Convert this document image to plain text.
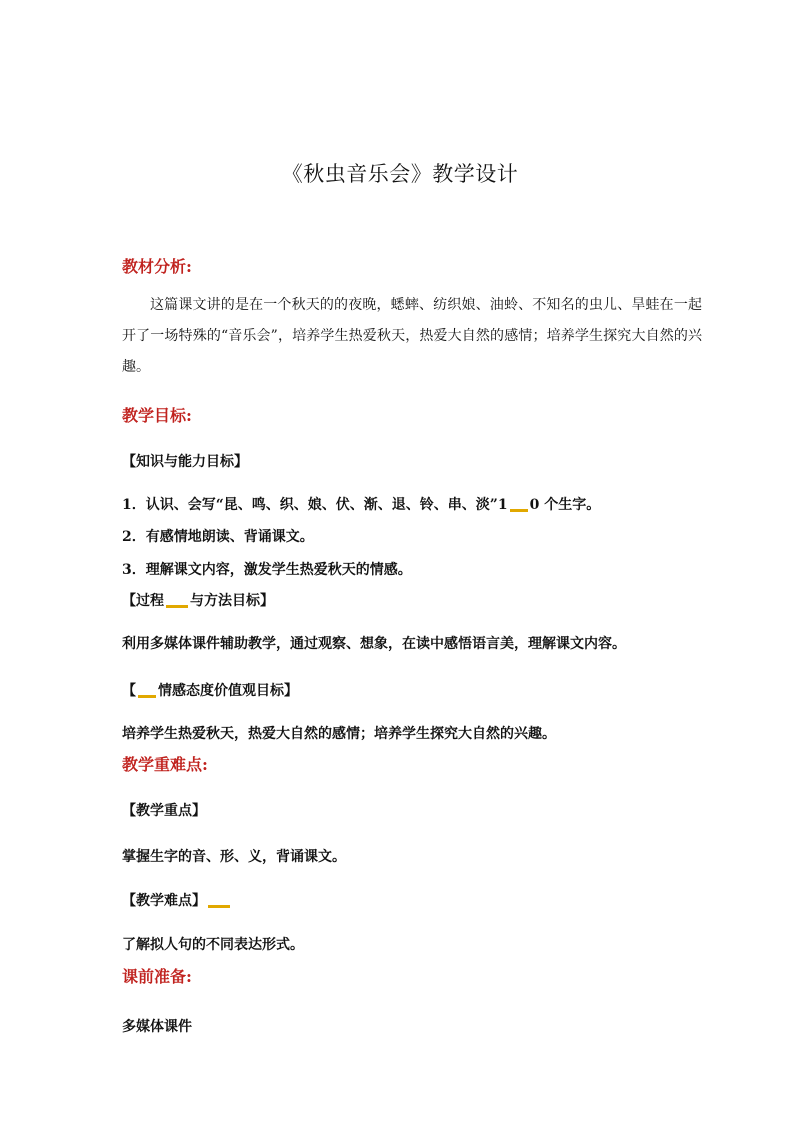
《秋虫音乐会》教学设计
教材分析:
这篇课文讲的是在一个秋天的的夜晚，蟋蟀、纺织娘、油蛉、不知名的虫儿、旱蛙在一起开了一场特殊的“音乐会”，培养学生热爱秋天，热爱大自然的感情；培养学生探究大自然的兴趣。
教学目标:
【知识与能力目标】
1．认识、会写“昆、鸣、织、娘、伏、渐、退、铃、串、淡”1 0 个生字。
2．有感情地朗读、背诵课文。
3．理解课文内容，激发学生热爱秋天的情感。
【过程 与方法目标】
利用多媒体课件辅助教学，通过观察、想象，在读中感悟语言美，理解课文内容。
【 情感态度价值观目标】
培养学生热爱秋天，热爱大自然的感情；培养学生探究大自然的兴趣。
教学重难点:
【教学重点】
掌握生字的音、形、义，背诵课文。
【教学难点】
了解拟人句的不同表达形式。
课前准备:
多媒体课件
